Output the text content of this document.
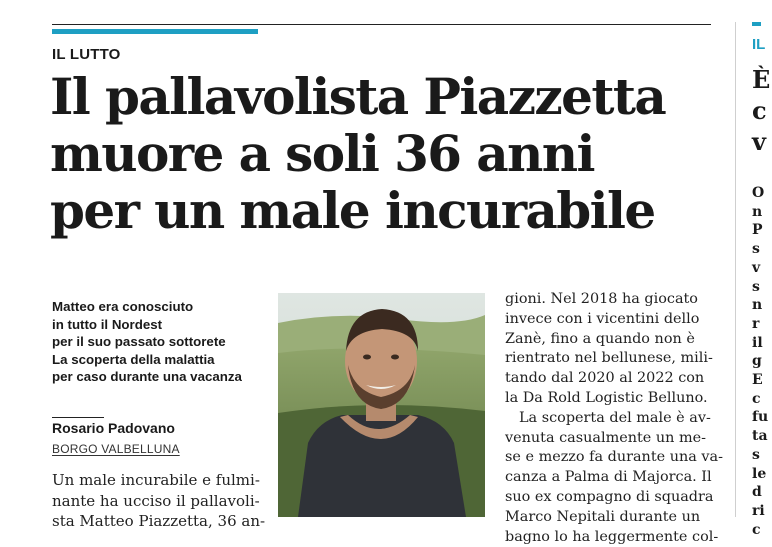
IL LUTTO
Il pallavolista Piazzetta
muore a soli 36 anni
per un male incurabile
Matteo era conosciuto
in tutto il Nordest
per il suo passato sottorete
La scoperta della malattia
per caso durante una vacanza
Rosario Padovano
BORGO VALBELLUNA
Un male incurabile e fulmi-
nante ha ucciso il pallavoli-
sta Matteo Piazzetta, 36 an-
gioni. Nel 2018 ha giocato
invece con i vicentini dello
Zanè, fino a quando non è
rientrato nel bellunese, mili-
tando dal 2020 al 2022 con
la Da Rold Logistic Belluno.
La scoperta del male è av-
venuta casualmente un me-
se e mezzo fa durante una va-
canza a Palma di Majorca. Il
suo ex compagno di squadra
Marco Nepitali durante un
bagno lo ha leggermente col-
IL
È
c
v
O
n
P
s
v
s
n
r
il
g
E
c
fu
ta
s
le
d
ri
c
